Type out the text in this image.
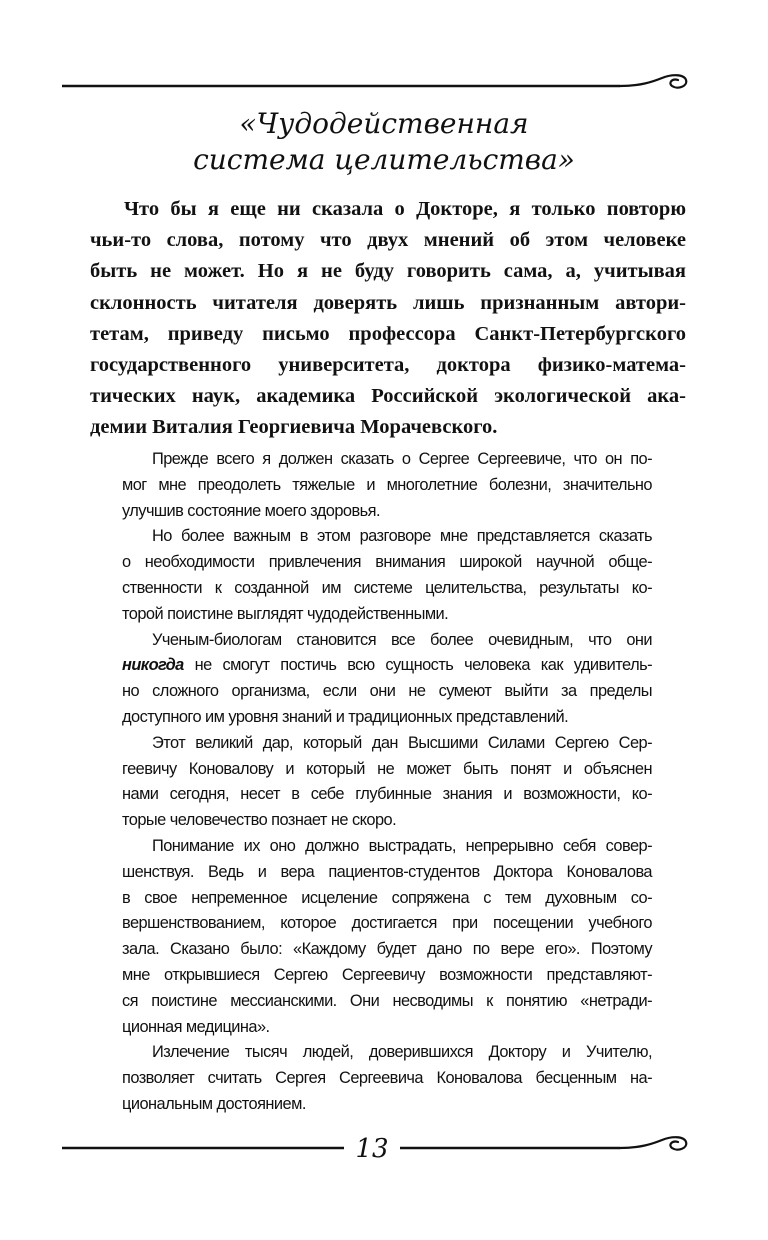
«Чудодейственная
система целительства»
Что бы я еще ни сказала о Докторе, я только повторю
чьи-то слова, потому что двух мнений об этом человеке
быть не может. Но я не буду говорить сама, а, учитывая
склонность читателя доверять лишь признанным автори-
тетам, приведу письмо профессора Санкт-Петербургского
государственного университета, доктора физико-матема-
тических наук, академика Российской экологической ака-
демии Виталия Георгиевича Морачевского.
Прежде всего я должен сказать о Сергее Сергеевиче, что он по-
мог мне преодолеть тяжелые и многолетние болезни, значительно
улучшив состояние моего здоровья.
Но более важным в этом разговоре мне представляется сказать
о необходимости привлечения внимания широкой научной обще-
ственности к созданной им системе целительства, результаты ко-
торой поистине выглядят чудодейственными.
Ученым-биологам становится все более очевидным, что они
никогда не смогут постичь всю сущность человека как удивитель-
но сложного организма, если они не сумеют выйти за пределы
доступного им уровня знаний и традиционных представлений.
Этот великий дар, который дан Высшими Силами Сергею Сер-
геевичу Коновалову и который не может быть понят и объяснен
нами сегодня, несет в себе глубинные знания и возможности, ко-
торые человечество познает не скоро.
Понимание их оно должно выстрадать, непрерывно себя совер-
шенствуя. Ведь и вера пациентов-студентов Доктора Коновалова
в свое непременное исцеление сопряжена с тем духовным со-
вершенствованием, которое достигается при посещении учебного
зала. Сказано было: «Каждому будет дано по вере его». Поэтому
мне открывшиеся Сергею Сергеевичу возможности представляют-
ся поистине мессианскими. Они несводимы к понятию «нетради-
ционная медицина».
Излечение тысяч людей, доверившихся Доктору и Учителю,
позволяет считать Сергея Сергеевича Коновалова бесценным на-
циональным достоянием.
13
